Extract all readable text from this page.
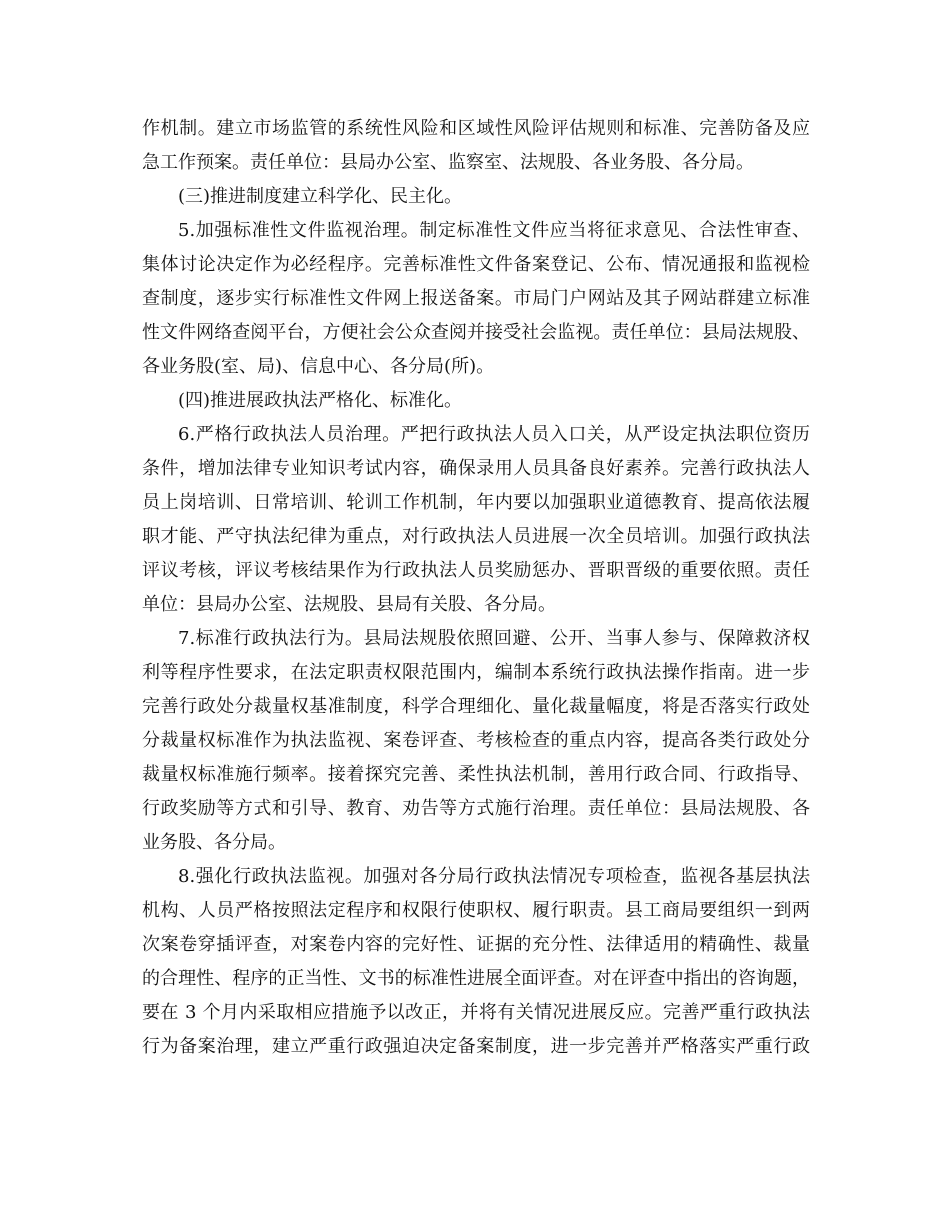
作机制。建立市场监管的系统性风险和区域性风险评估规则和标准、完善防备及应
急工作预案。责任单位：县局办公室、监察室、法规股、各业务股、各分局。
(三)推进制度建立科学化、民主化。
5.加强标准性文件监视治理。制定标准性文件应当将征求意见、合法性审查、
集体讨论决定作为必经程序。完善标准性文件备案登记、公布、情况通报和监视检
查制度，逐步实行标准性文件网上报送备案。市局门户网站及其子网站群建立标准
性文件网络查阅平台，方便社会公众查阅并接受社会监视。责任单位：县局法规股、
各业务股(室、局)、信息中心、各分局(所)。
(四)推进展政执法严格化、标准化。
6.严格行政执法人员治理。严把行政执法人员入口关，从严设定执法职位资历
条件，增加法律专业知识考试内容，确保录用人员具备良好素养。完善行政执法人
员上岗培训、日常培训、轮训工作机制，年内要以加强职业道德教育、提高依法履
职才能、严守执法纪律为重点，对行政执法人员进展一次全员培训。加强行政执法
评议考核，评议考核结果作为行政执法人员奖励惩办、晋职晋级的重要依照。责任
单位：县局办公室、法规股、县局有关股、各分局。
7.标准行政执法行为。县局法规股依照回避、公开、当事人参与、保障救济权
利等程序性要求，在法定职责权限范围内，编制本系统行政执法操作指南。进一步
完善行政处分裁量权基准制度，科学合理细化、量化裁量幅度，将是否落实行政处
分裁量权标准作为执法监视、案卷评查、考核检查的重点内容，提高各类行政处分
裁量权标准施行频率。接着探究完善、柔性执法机制，善用行政合同、行政指导、
行政奖励等方式和引导、教育、劝告等方式施行治理。责任单位：县局法规股、各
业务股、各分局。
8.强化行政执法监视。加强对各分局行政执法情况专项检查，监视各基层执法
机构、人员严格按照法定程序和权限行使职权、履行职责。县工商局要组织一到两
次案卷穿插评查，对案卷内容的完好性、证据的充分性、法律适用的精确性、裁量
的合理性、程序的正当性、文书的标准性进展全面评查。对在评查中指出的咨询题，
要在 3 个月内采取相应措施予以改正，并将有关情况进展反应。完善严重行政执法
行为备案治理，建立严重行政强迫决定备案制度，进一步完善并严格落实严重行政
